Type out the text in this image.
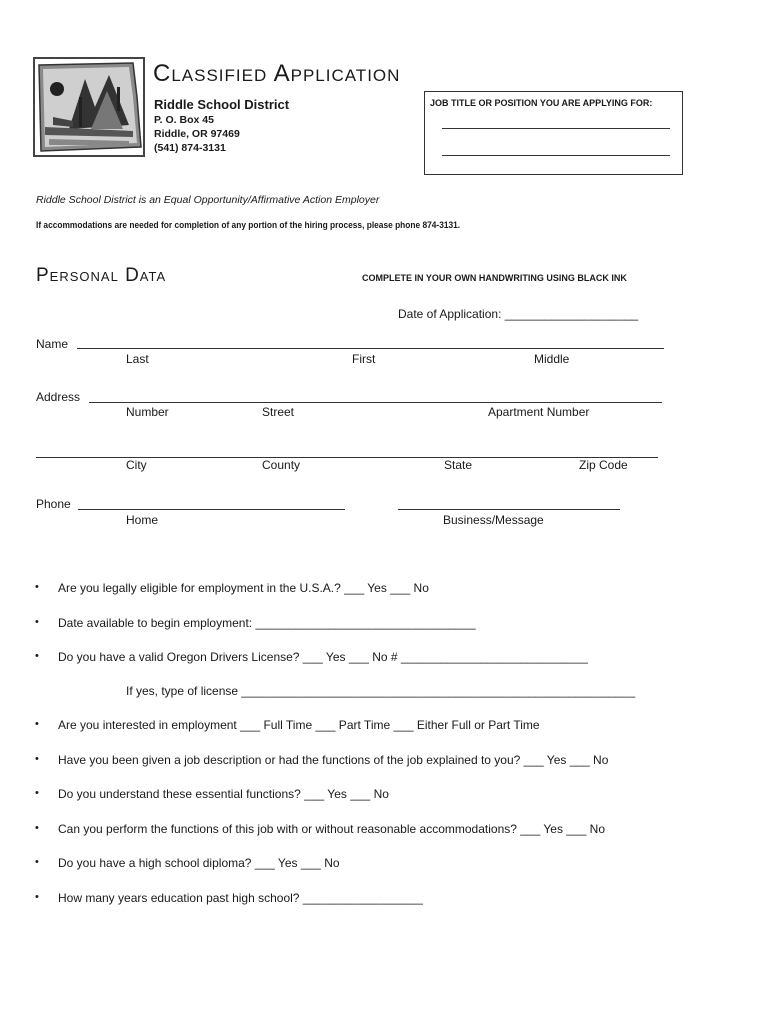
Classified Application
Riddle School District
P. O. Box 45
Riddle, OR 97469
(541) 874-3131
JOB TITLE OR POSITION YOU ARE APPLYING FOR:
Riddle School District is an Equal Opportunity/Affirmative Action Employer
If accommodations are needed for completion of any portion of the hiring process, please phone 874-3131.
Personal Data	COMPLETE IN YOUR OWN HANDWRITING USING BLACK INK
Date of Application: ____________________
Name
Last	First	Middle
Address
Number	Street	Apartment Number
City	County	State	Zip Code
Phone
Home	Business/Message
• Are you legally eligible for employment in the U.S.A.? ___ Yes ___ No
• Date available to begin employment: _________________________________
• Do you have a valid Oregon Drivers License? ___ Yes ___ No # ____________________________
If yes, type of license ___________________________________________________________
• Are you interested in employment ___ Full Time ___ Part Time ___ Either Full or Part Time
• Have you been given a job description or had the functions of the job explained to you? ___ Yes ___ No
• Do you understand these essential functions? ___ Yes ___ No
• Can you perform the functions of this job with or without reasonable accommodations? ___ Yes ___ No
• Do you have a high school diploma? ___ Yes ___ No
• How many years education past high school? __________________
